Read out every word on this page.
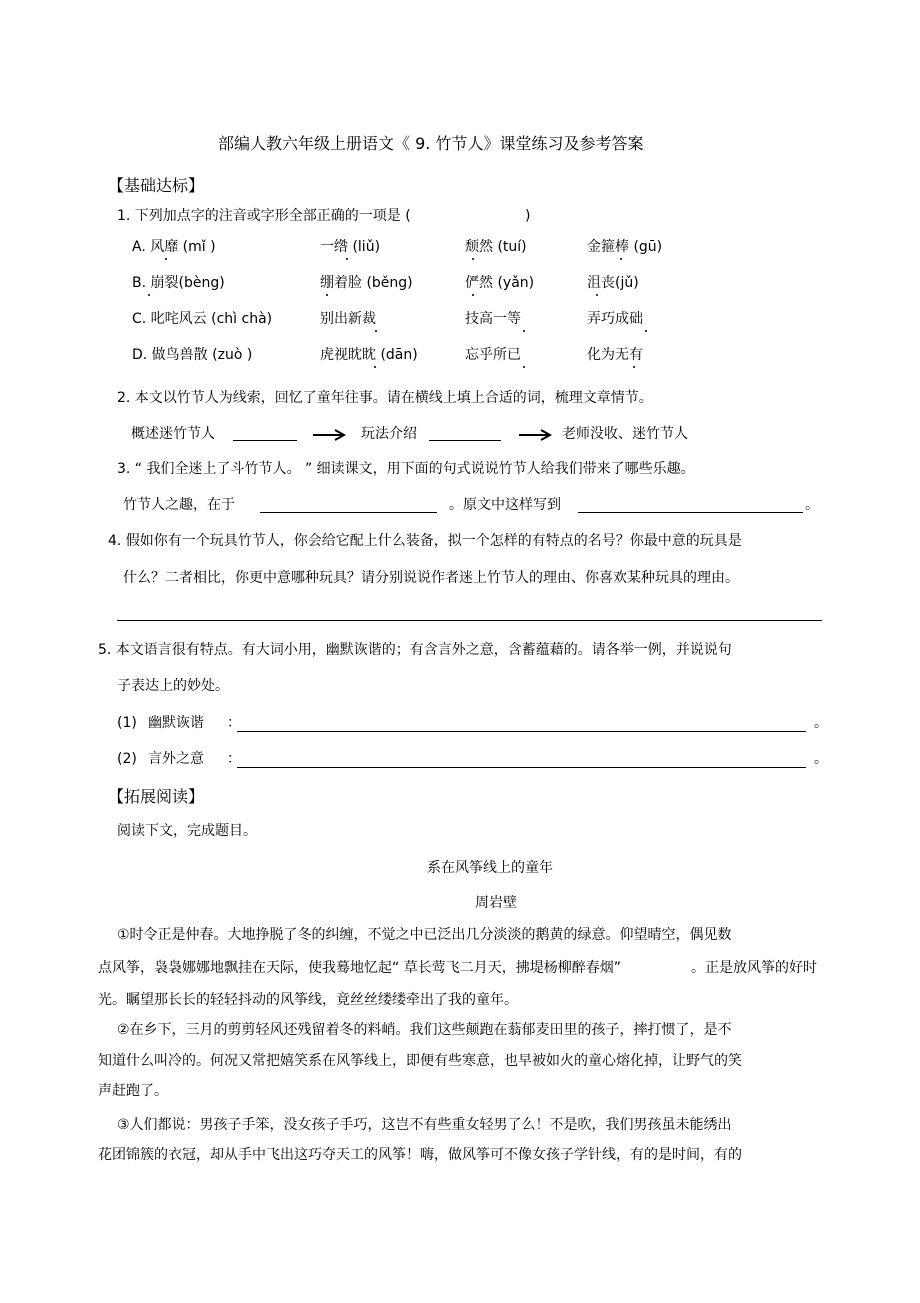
部编人教六年级上册语文《 9. 竹节人》课堂练习及参考答案
【基础达标】
1. 下列加点字的注音或字形全部正确的一项是 (	)
A. 风靡 (mǐ )	一绺 (liǔ)	颓然 (tuí)	金箍棒 (gū)
B. 崩裂(bèng)	绷着脸 (běng)	俨然 (yǎn)	沮丧(jǔ)
C. 叱咤风云 (chì chà)	别出新裁	技高一等	弄巧成础
D. 做鸟兽散 (zuò )	虎视眈眈 (dān)	忘乎所已	化为无有
2. 本文以竹节人为线索，回忆了童年往事。请在横线上填上合适的词，梳理文章情节。
概述迷竹节人	玩法介绍	老师没收、迷竹节人
3. “ 我们全迷上了斗竹节人。 ” 细读课文，用下面的句式说说竹节人给我们带来了哪些乐趣。
竹节人之趣，在于	。原文中这样写到	。
4. 假如你有一个玩具竹节人，你会给它配上什么装备，拟一个怎样的有特点的名号？你最中意的玩具是
什么？二者相比，你更中意哪种玩具？请分别说说作者迷上竹节人的理由、你喜欢某种玩具的理由。
5. 本文语言很有特点。有大词小用，幽默诙谐的；有含言外之意，含蓄蕴藉的。请各举一例，并说说句
子表达上的妙处。
(1) 幽默诙谐 ：	。
(2) 言外之意 ：	。
【拓展阅读】
阅读下文，完成题目。
系在风筝线上的童年
周岩壁
①时令正是仲春。大地挣脱了冬的纠缠，不觉之中已泛出几分淡淡的鹅黄的绿意。仰望晴空，偶见数
点风筝，袅袅娜娜地飘挂在天际，使我蓦地忆起“ 草长莺飞二月天，拂堤杨柳醉春烟”	。正是放风筝的好时
光。瞩望那长长的轻轻抖动的风筝线，竟丝丝缕缕牵出了我的童年。
②在乡下，三月的剪剪轻风还残留着冬的料峭。我们这些颠跑在蓊郁麦田里的孩子，摔打惯了，是不
知道什么叫冷的。何况又常把嬉笑系在风筝线上，即便有些寒意，也早被如火的童心熔化掉，让野气的笑
声赶跑了。
③人们都说：男孩子手笨，没女孩子手巧，这岂不有些重女轻男了么！不是吹，我们男孩虽未能绣出
花团锦簇的衣冠，却从手中飞出这巧夺天工的风筝！嗨，做风筝可不像女孩子学针线，有的是时间，有的
